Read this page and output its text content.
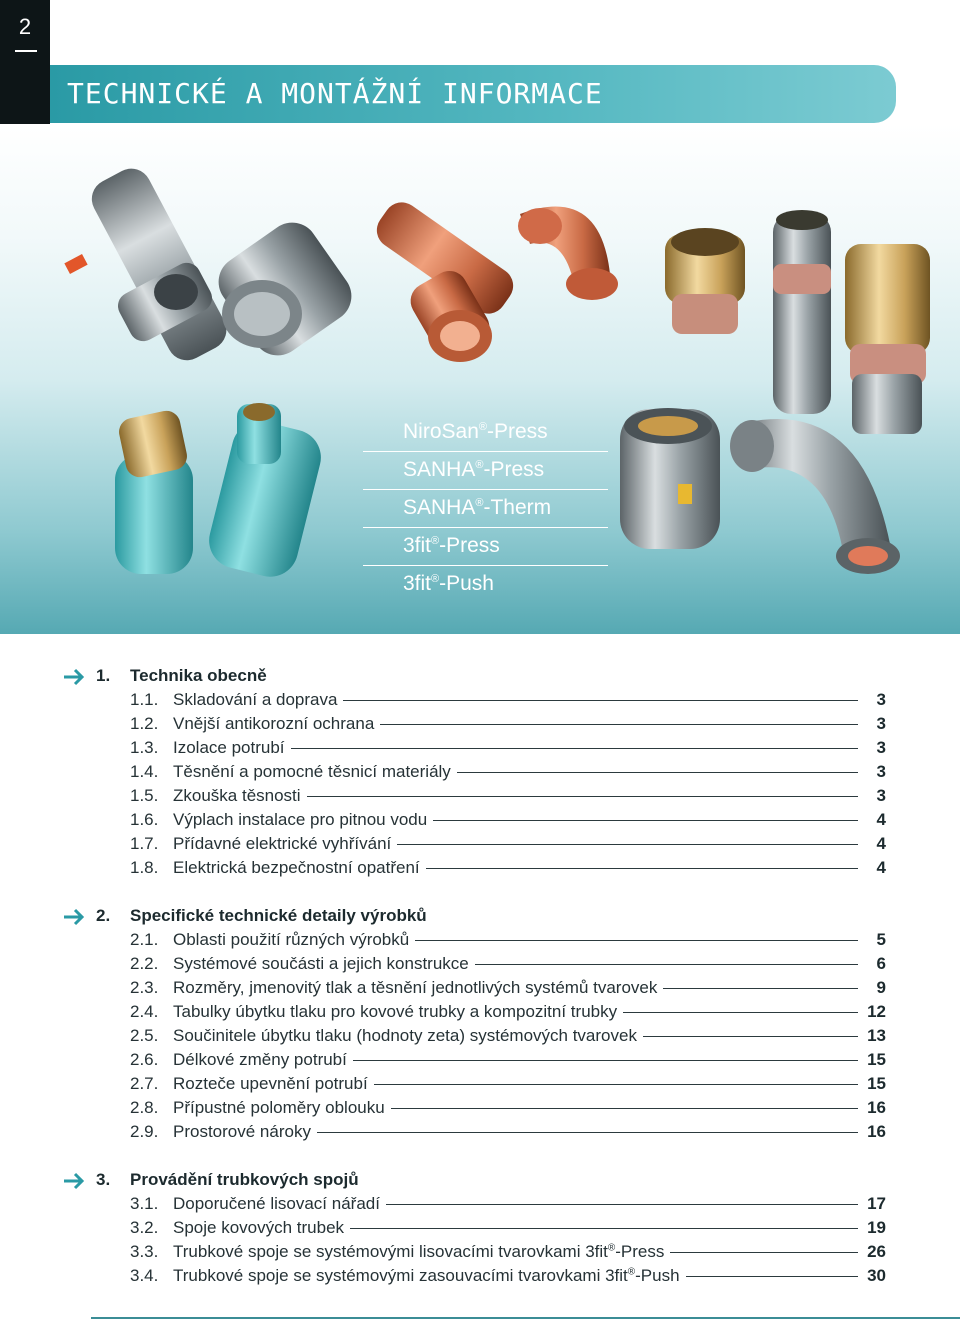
2
TECHNICKÉ A MONTÁŽNÍ INFORMACE
NiroSan®-Press
SANHA®-Press
SANHA®-Therm
3fit®-Press
3fit®-Push
1. Technika obecně
1.1. Skladování a doprava	3
1.2. Vnější antikorozní ochrana	3
1.3. Izolace potrubí	3
1.4. Těsnění a pomocné těsnicí materiály	3
1.5. Zkouška těsnosti	3
1.6. Výplach instalace pro pitnou vodu	4
1.7. Přídavné elektrické vyhřívání	4
1.8. Elektrická bezpečnostní opatření	4
2. Specifické technické detaily výrobků
2.1. Oblasti použití různých výrobků	5
2.2. Systémové součásti a jejich konstrukce	6
2.3. Rozměry, jmenovitý tlak a těsnění jednotlivých systémů tvarovek	9
2.4. Tabulky úbytku tlaku pro kovové trubky a kompozitní trubky	12
2.5. Součinitele úbytku tlaku (hodnoty zeta) systémových tvarovek	13
2.6. Délkové změny potrubí	15
2.7. Rozteče upevnění potrubí	15
2.8. Přípustné poloměry oblouku	16
2.9. Prostorové nároky	16
3. Provádění trubkových spojů
3.1. Doporučené lisovací nářadí	17
3.2. Spoje kovových trubek	19
3.3. Trubkové spoje se systémovými lisovacími tvarovkami 3fit®-Press	26
3.4. Trubkové spoje se systémovými zasouvacími tvarovkami 3fit®-Push	30
